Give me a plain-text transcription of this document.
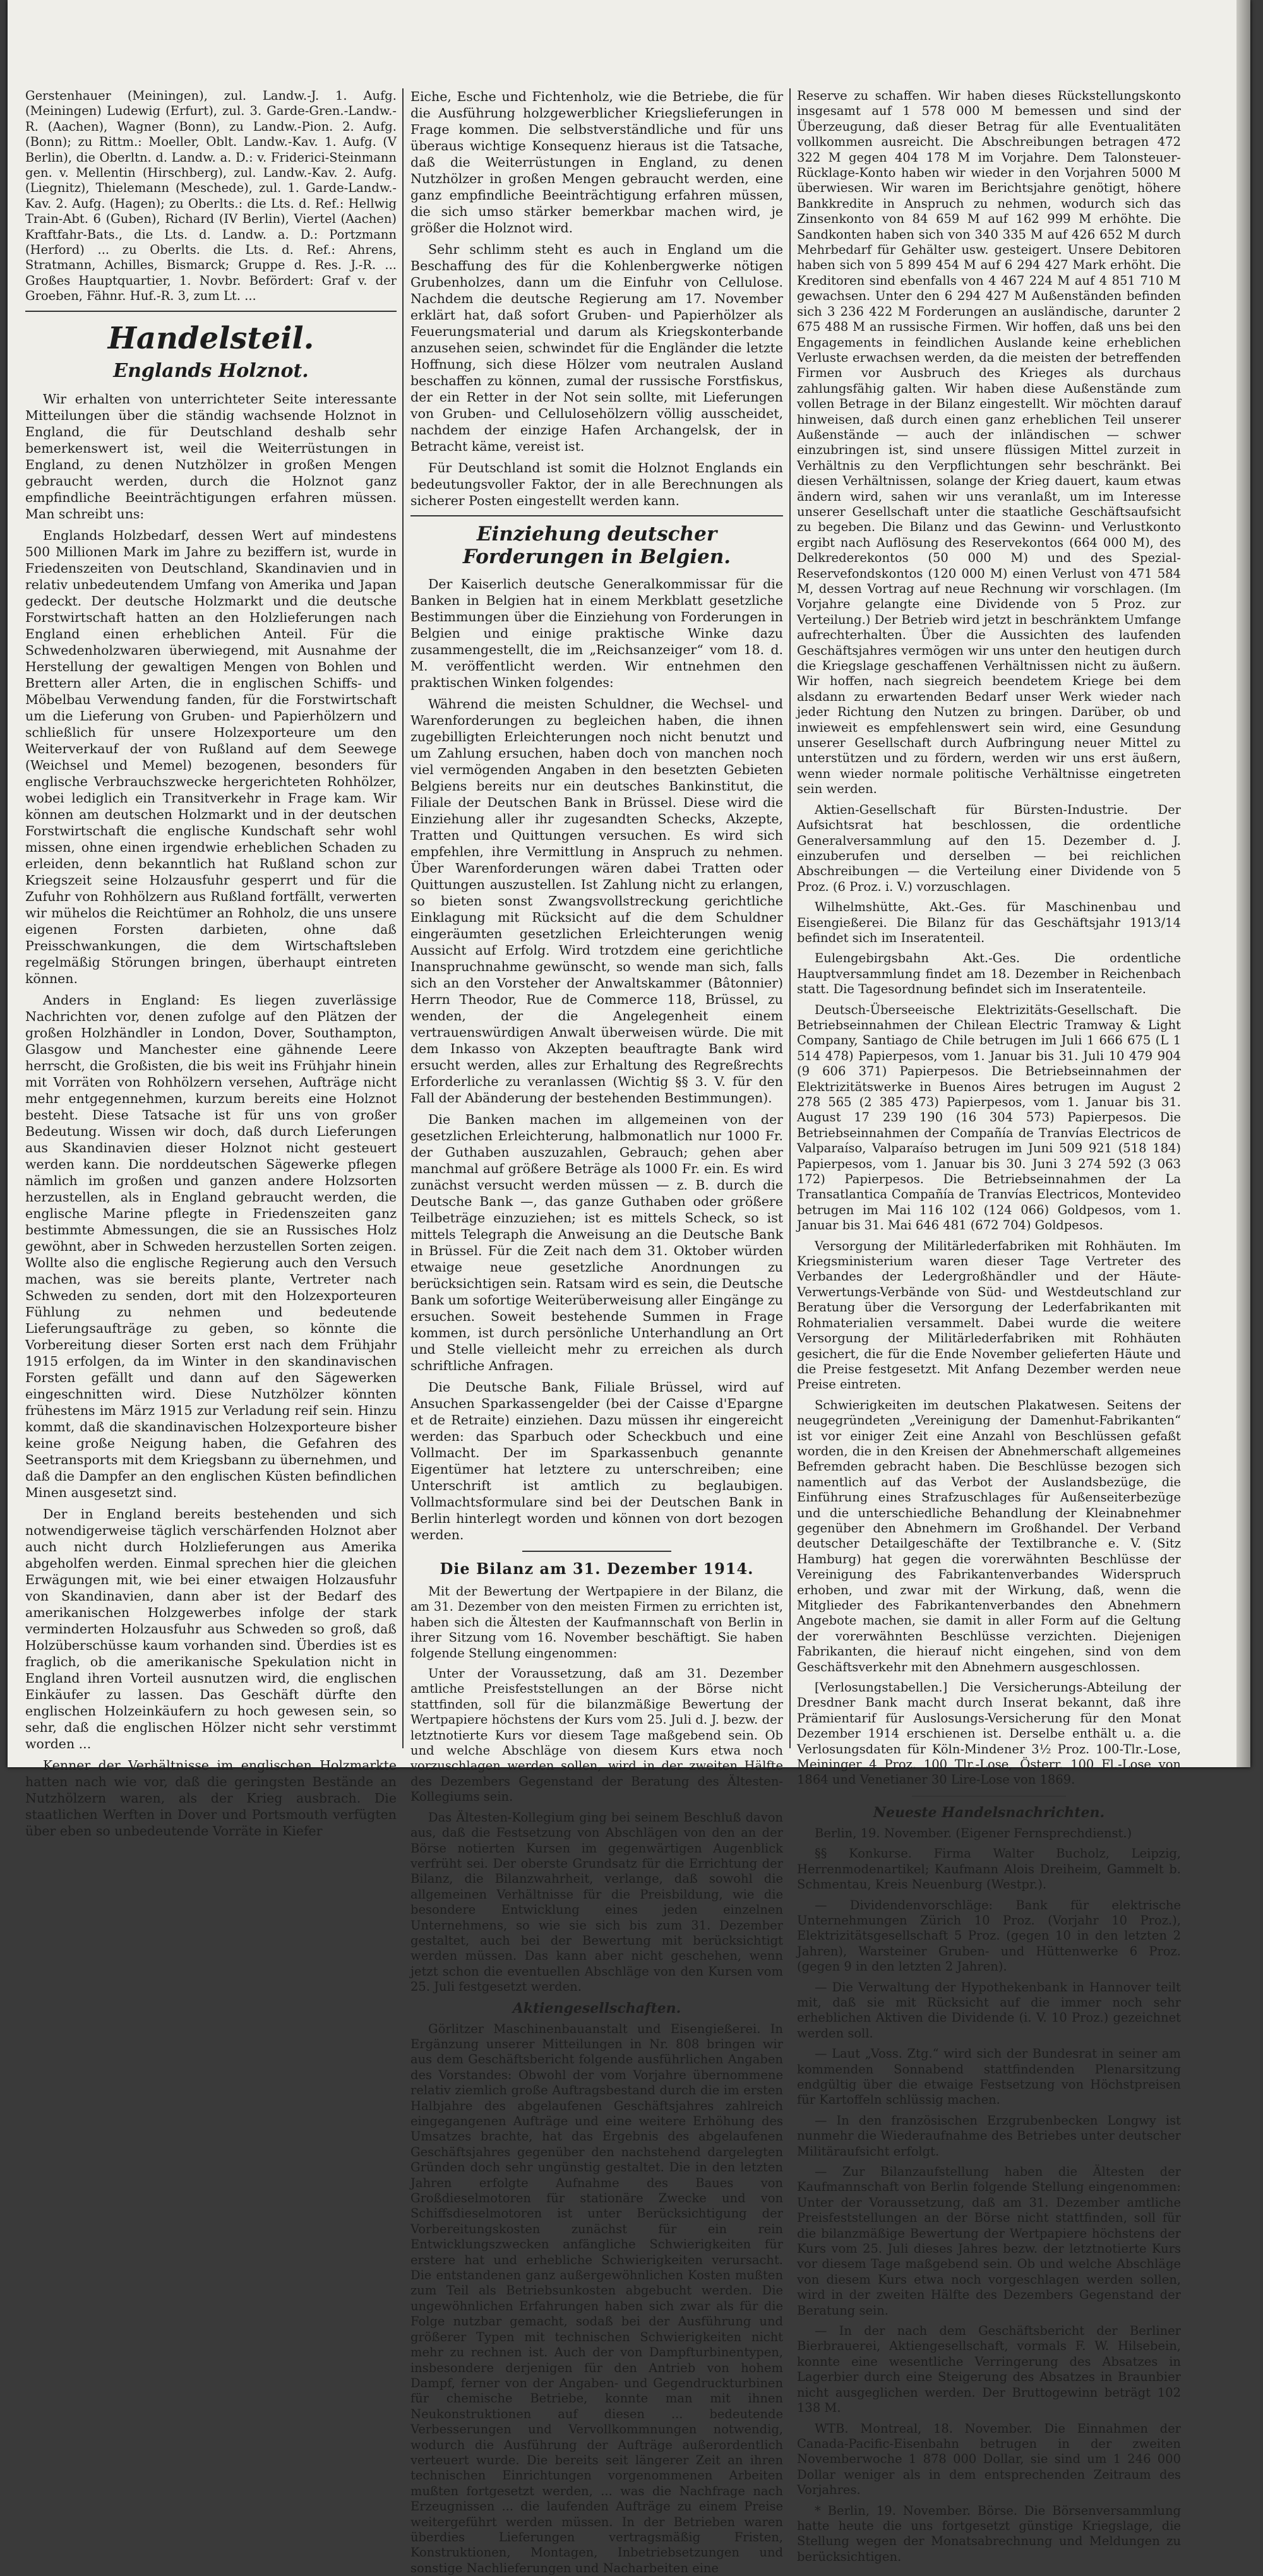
Gerstenhauer (Meiningen), zul. Landw.-J. 1. Aufg. (Meiningen) Ludewig (Erfurt), zul. 3. Garde-Gren.-Landw.-R. (Aachen), Wagner (Bonn), zu Landw.-Pion. 2. Aufg. (Bonn); zu Rittm.: Moeller, Oblt. Landw.-Kav. 1. Aufg. (V Berlin), die Oberltn. d. Landw. a. D.: v. Friderici-Steinmann gen. v. Mellentin (Hirschberg), zul. Landw.-Kav. 2. Aufg. (Liegnitz), Thielemann (Meschede), zul. 1. Garde-Landw.-Kav. 2. Aufg. (Hagen); zu Oberlts.: die Lts. d. Ref.: Hellwig Train-Abt. 6 (Guben), Richard (IV Berlin), Viertel (Aachen) Kraftfahr-Bats., die Lts. d. Landw. a. D.: Portzmann (Herford) ... zu Oberlts. die Lts. d. Ref.: Ahrens, Stratmann, Achilles, Bismarck; Gruppe d. Res. J.-R. ... Großes Hauptquartier, 1. Novbr. Befördert: Graf v. der Groeben, Fähnr. Huf.-R. 3, zum Lt. ...

Handelsteil.
Englands Holznot.

Wir erhalten von unterrichteter Seite interessante Mitteilungen über die ständig wachsende Holznot in England, die für Deutschland deshalb sehr bemerkenswert ist, weil die Weiterrüstungen in England, zu denen Nutzhölzer in großen Mengen gebraucht werden, durch die Holznot ganz empfindliche Beeinträchtigungen erfahren müssen. Man schreibt uns:

Englands Holzbedarf, dessen Wert auf mindestens 500 Millionen Mark im Jahre zu beziffern ist, wurde in Friedenszeiten von Deutschland, Skandinavien und in relativ unbedeutendem Umfang von Amerika und Japan gedeckt. Der deutsche Holzmarkt und die deutsche Forstwirtschaft hatten an den Holzlieferungen nach England einen erheblichen Anteil. Für die Schwedenholzwaren überwiegend, mit Ausnahme der Herstellung der gewaltigen Mengen von Bohlen und Brettern aller Arten, die in englischen Schiffs- und Möbelbau Verwendung fanden, für die Forstwirtschaft um die Lieferung von Gruben- und Papierhölzern und schließlich für unsere Holzexporteure um den Weiterverkauf der von Rußland auf dem Seewege (Weichsel und Memel) bezogenen, besonders für englische Verbrauchszwecke hergerichteten Rohhölzer, wobei lediglich ein Transitverkehr in Frage kam. Wir können am deutschen Holzmarkt und in der deutschen Forstwirtschaft die englische Kundschaft sehr wohl missen, ohne einen irgendwie erheblichen Schaden zu erleiden, denn bekanntlich hat Rußland schon zur Kriegszeit seine Holzausfuhr gesperrt und für die Zufuhr von Rohhölzern aus Rußland fortfällt, verwerten wir mühelos die Reichtümer an Rohholz, die uns unsere eigenen Forsten darbieten, ohne daß Preisschwankungen, die dem Wirtschaftsleben regelmäßig Störungen bringen, überhaupt eintreten können.

Anders in England: Es liegen zuverlässige Nachrichten vor, denen zufolge auf den Plätzen der großen Holzhändler in London, Dover, Southampton, Glasgow und Manchester eine gähnende Leere herrscht, die Großisten, die bis weit ins Frühjahr hinein mit Vorräten von Rohhölzern versehen, Aufträge nicht mehr entgegennehmen, kurzum bereits eine Holznot besteht. Diese Tatsache ist für uns von großer Bedeutung. Wissen wir doch, daß durch Lieferungen aus Skandinavien dieser Holznot nicht gesteuert werden kann. Die norddeutschen Sägewerke pflegen nämlich im großen und ganzen andere Holzsorten herzustellen, als in England gebraucht werden, die englische Marine pflegte in Friedenszeiten ganz bestimmte Abmessungen, die sie an Russisches Holz gewöhnt, aber in Schweden herzustellen Sorten zeigen. Wollte also die englische Regierung auch den Versuch machen, was sie bereits plante, Vertreter nach Schweden zu senden, dort mit den Holzexporteuren Fühlung zu nehmen und bedeutende Lieferungsaufträge zu geben, so könnte die Vorbereitung dieser Sorten erst nach dem Frühjahr 1915 erfolgen, da im Winter in den skandinavischen Forsten gefällt und dann auf den Sägewerken eingeschnitten wird. Diese Nutzhölzer könnten frühestens im März 1915 zur Verladung reif sein. Hinzu kommt, daß die skandinavischen Holzexporteure bisher keine große Neigung haben, die Gefahren des Seetransports mit dem Kriegsbann zu übernehmen, und daß die Dampfer an den englischen Küsten befindlichen Minen ausgesetzt sind.

Der in England bereits bestehenden und sich notwendigerweise täglich verschärfenden Holznot aber auch nicht durch Holzlieferungen aus Amerika abgeholfen werden. Einmal sprechen hier die gleichen Erwägungen mit, wie bei einer etwaigen Holzausfuhr von Skandinavien, dann aber ist der Bedarf des amerikanischen Holzgewerbes infolge der stark verminderten Holzausfuhr aus Schweden so groß, daß Holzüberschüsse kaum vorhanden sind. Überdies ist es fraglich, ob die amerikanische Spekulation nicht in England ihren Vorteil ausnutzen wird, die englischen Einkäufer zu lassen. Das Geschäft dürfte den englischen Holzeinkäufern zu hoch gewesen sein, so sehr, daß die englischen Hölzer nicht sehr verstimmt worden ...

Kenner der Verhältnisse im englischen Holzmarkte hatten nach wie vor, daß die geringsten Bestände an Nutzhölzern waren, als der Krieg ausbrach. Die staatlichen Werften in Dover und Portsmouth verfügten über eben so unbedeutende Vorräte in Kiefer

Eiche, Esche und Fichtenholz, wie die Betriebe, die für die Ausführung holzgewerblicher Kriegslieferungen in Frage kommen. Die selbstverständliche und für uns überaus wichtige Konsequenz hieraus ist die Tatsache, daß die Weiterrüstungen in England, zu denen Nutzhölzer in großen Mengen gebraucht werden, eine ganz empfindliche Beeinträchtigung erfahren müssen, die sich umso stärker bemerkbar machen wird, je größer die Holznot wird.

Sehr schlimm steht es auch in England um die Beschaffung des für die Kohlenbergwerke nötigen Grubenholzes, dann um die Einfuhr von Cellulose. Nachdem die deutsche Regierung am 17. November erklärt hat, daß sofort Gruben- und Papierhölzer als Feuerungsmaterial und darum als Kriegskonterbande anzusehen seien, schwindet für die Engländer die letzte Hoffnung, sich diese Hölzer vom neutralen Ausland beschaffen zu können, zumal der russische Forstfiskus, der ein Retter in der Not sein sollte, mit Lieferungen von Gruben- und Cellulosehölzern völlig ausscheidet, nachdem der einzige Hafen Archangelsk, der in Betracht käme, vereist ist.

Für Deutschland ist somit die Holznot Englands ein bedeutungsvoller Faktor, der in alle Berechnungen als sicherer Posten eingestellt werden kann.

Einziehung deutscher Forderungen in Belgien.

Der Kaiserlich deutsche Generalkommissar für die Banken in Belgien hat in einem Merkblatt gesetzliche Bestimmungen über die Einziehung von Forderungen in Belgien und einige praktische Winke dazu zusammengestellt, die im „Reichsanzeiger“ vom 18. d. M. veröffentlicht werden. Wir entnehmen den praktischen Winken folgendes:

Während die meisten Schuldner, die Wechsel- und Warenforderungen zu begleichen haben, die ihnen zugebilligten Erleichterungen noch nicht benutzt und um Zahlung ersuchen, haben doch von manchen noch viel vermögenden Angaben in den besetzten Gebieten Belgiens bereits nur ein deutsches Bankinstitut, die Filiale der Deutschen Bank in Brüssel. Diese wird die Einziehung aller ihr zugesandten Schecks, Akzepte, Tratten und Quittungen versuchen. Es wird sich empfehlen, ihre Vermittlung in Anspruch zu nehmen. Über Warenforderungen wären dabei Tratten oder Quittungen auszustellen. Ist Zahlung nicht zu erlangen, so bieten sonst Zwangsvollstreckung gerichtliche Einklagung mit Rücksicht auf die dem Schuldner eingeräumten gesetzlichen Erleichterungen wenig Aussicht auf Erfolg. Wird trotzdem eine gerichtliche Inanspruchnahme gewünscht, so wende man sich, falls sich an den Vorsteher der Anwaltskammer (Bâtonnier) Herrn Theodor, Rue de Commerce 118, Brüssel, zu wenden, der die Angelegenheit einem vertrauenswürdigen Anwalt überweisen würde. Die mit dem Inkasso von Akzepten beauftragte Bank wird ersucht werden, alles zur Erhaltung des Regreßrechts Erforderliche zu veranlassen (Wichtig §§ 3. V. für den Fall der Abänderung der bestehenden Bestimmungen).

Die Banken machen im allgemeinen von der gesetzlichen Erleichterung, halbmonatlich nur 1000 Fr. der Guthaben auszuzahlen, Gebrauch; gehen aber manchmal auf größere Beträge als 1000 Fr. ein. Es wird zunächst versucht werden müssen — z. B. durch die Deutsche Bank —, das ganze Guthaben oder größere Teilbeträge einzuziehen; ist es mittels Scheck, so ist mittels Telegraph die Anweisung an die Deutsche Bank in Brüssel. Für die Zeit nach dem 31. Oktober würden etwaige neue gesetzliche Anordnungen zu berücksichtigen sein. Ratsam wird es sein, die Deutsche Bank um sofortige Weiterüberweisung aller Eingänge zu ersuchen. Soweit bestehende Summen in Frage kommen, ist durch persönliche Unterhandlung an Ort und Stelle vielleicht mehr zu erreichen als durch schriftliche Anfragen.

Die Deutsche Bank, Filiale Brüssel, wird auf Ansuchen Sparkassengelder (bei der Caisse d'Epargne et de Retraite) einziehen. Dazu müssen ihr eingereicht werden: das Sparbuch oder Scheckbuch und eine Vollmacht. Der im Sparkassenbuch genannte Eigentümer hat letztere zu unterschreiben; eine Unterschrift ist amtlich zu beglaubigen. Vollmachtsformulare sind bei der Deutschen Bank in Berlin hinterlegt worden und können von dort bezogen werden.

Die Bilanz am 31. Dezember 1914.

Mit der Bewertung der Wertpapiere in der Bilanz, die am 31. Dezember von den meisten Firmen zu errichten ist, haben sich die Ältesten der Kaufmannschaft von Berlin in ihrer Sitzung vom 16. November beschäftigt. Sie haben folgende Stellung eingenommen:

Unter der Voraussetzung, daß am 31. Dezember amtliche Preisfeststellungen an der Börse nicht stattfinden, soll für die bilanzmäßige Bewertung der Wertpapiere höchstens der Kurs vom 25. Juli d. J. bezw. der letztnotierte Kurs vor diesem Tage maßgebend sein. Ob und welche Abschläge von diesem Kurs etwa noch vorzuschlagen werden sollen, wird in der zweiten Hälfte des Dezembers Gegenstand der Beratung des Ältesten-Kollegiums sein.

Das Ältesten-Kollegium ging bei seinem Beschluß davon aus, daß die Festsetzung von Abschlägen von den an der Börse notierten Kursen im gegenwärtigen Augenblick verfrüht sei. Der oberste Grundsatz für die Errichtung der Bilanz, die Bilanzwahrheit, verlange, daß sowohl die allgemeinen Verhältnisse für die Preisbildung, wie die besondere Entwicklung eines jeden einzelnen Unternehmens, so wie sie sich bis zum 31. Dezember gestaltet, auch bei der Bewertung mit berücksichtigt werden müssen. Das kann aber nicht geschehen, wenn jetzt schon die eventuellen Abschläge von den Kursen vom 25. Juli festgesetzt werden.

Aktiengesellschaften.

Görlitzer Maschinenbauanstalt und Eisengießerei. In Ergänzung unserer Mitteilungen in Nr. 808 bringen wir aus dem Geschäftsbericht folgende ausführlichen Angaben des Vorstandes: Obwohl der vom Vorjahre übernommene relativ ziemlich große Auftragsbestand durch die im ersten Halbjahre des abgelaufenen Geschäftsjahres zahlreich eingegangenen Aufträge und eine weitere Erhöhung des Umsatzes brachte, hat das Ergebnis des abgelaufenen Geschäftsjahres gegenüber den nachstehend dargelegten Gründen doch sehr ungünstig gestaltet. Die in den letzten Jahren erfolgte Aufnahme des Baues von Großdieselmotoren für stationäre Zwecke und von Schiffsdieselmotoren ist unter Berücksichtigung der Vorbereitungskosten zunächst für ein rein Entwicklungszwecken anfängliche Schwierigkeiten für erstere hat und erhebliche Schwierigkeiten verursacht. Die entstandenen ganz außergewöhnlichen Kosten mußten zum Teil als Betriebsunkosten abgebucht werden. Die ungewöhnlichen Erfahrungen haben sich zwar als für die Folge nutzbar gemacht, sodaß bei der Ausführung und größerer Typen mit technischen Schwierigkeiten nicht mehr zu rechnen ist. Auch der von Dampfturbinentypen, insbesondere derjenigen für den Antrieb von hohem Dampf, ferner von der Angaben- und Gegendruckturbinen für chemische Betriebe, konnte man mit ihnen Neukonstruktionen auf diesen ... bedeutende Verbesserungen und Vervollkommnungen notwendig, wodurch die Ausführung der Aufträge außerordentlich verteuert wurde. Die bereits seit längerer Zeit an ihren technischen Einrichtungen vorgenommenen Arbeiten mußten fortgesetzt werden, ... was die Nachfrage nach Erzeugnissen ... die laufenden Aufträge zu einem Preise weitergeführt werden müssen. In der Betrieben waren überdies Lieferungen vertragsmäßig Fristen, Konstruktionen, Montagen, Inbetriebsetzungen und sonstige Nachlieferungen und Nacharbeiten eine

Reserve zu schaffen. Wir haben dieses Rückstellungskonto insgesamt auf 1 578 000 M bemessen und sind der Überzeugung, daß dieser Betrag für alle Eventualitäten vollkommen ausreicht. Die Abschreibungen betragen 472 322 M gegen 404 178 M im Vorjahre. Dem Talonsteuer-Rücklage-Konto haben wir wieder in den Vorjahren 5000 M überwiesen. Wir waren im Berichtsjahre genötigt, höhere Bankkredite in Anspruch zu nehmen, wodurch sich das Zinsenkonto von 84 659 M auf 162 999 M erhöhte. Die Sandkonten haben sich von 340 335 M auf 426 652 M durch Mehrbedarf für Gehälter usw. gesteigert. Unsere Debitoren haben sich von 5 899 454 M auf 6 294 427 Mark erhöht. Die Kreditoren sind ebenfalls von 4 467 224 M auf 4 851 710 M gewachsen. Unter den 6 294 427 M Außenständen befinden sich 3 236 422 M Forderungen an ausländische, darunter 2 675 488 M an russische Firmen. Wir hoffen, daß uns bei den Engagements in feindlichen Auslande keine erheblichen Verluste erwachsen werden, da die meisten der betreffenden Firmen vor Ausbruch des Krieges als durchaus zahlungsfähig galten. Wir haben diese Außenstände zum vollen Betrage in der Bilanz eingestellt. Wir möchten darauf hinweisen, daß durch einen ganz erheblichen Teil unserer Außenstände — auch der inländischen — schwer einzubringen ist, sind unsere flüssigen Mittel zurzeit in Verhältnis zu den Verpflichtungen sehr beschränkt. Bei diesen Verhältnissen, solange der Krieg dauert, kaum etwas ändern wird, sahen wir uns veranlaßt, um im Interesse unserer Gesellschaft unter die staatliche Geschäftsaufsicht zu begeben. Die Bilanz und das Gewinn- und Verlustkonto ergibt nach Auflösung des Reservekontos (664 000 M), des Delkrederekontos (50 000 M) und des Spezial-Reservefondskontos (120 000 M) einen Verlust von 471 584 M, dessen Vortrag auf neue Rechnung wir vorschlagen. (Im Vorjahre gelangte eine Dividende von 5 Proz. zur Verteilung.) Der Betrieb wird jetzt in beschränktem Umfange aufrechterhalten. Über die Aussichten des laufenden Geschäftsjahres vermögen wir uns unter den heutigen durch die Kriegslage geschaffenen Verhältnissen nicht zu äußern. Wir hoffen, nach siegreich beendetem Kriege bei dem alsdann zu erwartenden Bedarf unser Werk wieder nach jeder Richtung den Nutzen zu bringen. Darüber, ob und inwieweit es empfehlenswert sein wird, eine Gesundung unserer Gesellschaft durch Aufbringung neuer Mittel zu unterstützen und zu fördern, werden wir uns erst äußern, wenn wieder normale politische Verhältnisse eingetreten sein werden.

Aktien-Gesellschaft für Bürsten-Industrie. Der Aufsichtsrat hat beschlossen, die ordentliche Generalversammlung auf den 15. Dezember d. J. einzuberufen und derselben — bei reichlichen Abschreibungen — die Verteilung einer Dividende von 5 Proz. (6 Proz. i. V.) vorzuschlagen.

Wilhelmshütte, Akt.-Ges. für Maschinenbau und Eisengießerei. Die Bilanz für das Geschäftsjahr 1913/14 befindet sich im Inseratenteil.

Eulengebirgsbahn Akt.-Ges. Die ordentliche Hauptversammlung findet am 18. Dezember in Reichenbach statt. Die Tagesordnung befindet sich im Inseratenteile.

Deutsch-Überseeische Elektrizitäts-Gesellschaft. Die Betriebseinnahmen der Chilean Electric Tramway & Light Company, Santiago de Chile betrugen im Juli 1 666 675 (L 1 514 478) Papierpesos, vom 1. Januar bis 31. Juli 10 479 904 (9 606 371) Papierpesos. Die Betriebseinnahmen der Elektrizitätswerke in Buenos Aires betrugen im August 2 278 565 (2 385 473) Papierpesos, vom 1. Januar bis 31. August 17 239 190 (16 304 573) Papierpesos. Die Betriebseinnahmen der Compañía de Tranvías Electricos de Valparaíso, Valparaíso betrugen im Juni 509 921 (518 184) Papierpesos, vom 1. Januar bis 30. Juni 3 274 592 (3 063 172) Papierpesos. Die Betriebseinnahmen der La Transatlantica Compañía de Tranvías Electricos, Montevideo betrugen im Mai 116 102 (124 066) Goldpesos, vom 1. Januar bis 31. Mai 646 481 (672 704) Goldpesos.

Versorgung der Militärlederfabriken mit Rohhäuten. Im Kriegsministerium waren dieser Tage Vertreter des Verbandes der Ledergroßhändler und der Häute-Verwertungs-Verbände von Süd- und Westdeutschland zur Beratung über die Versorgung der Lederfabrikanten mit Rohmaterialien versammelt. Dabei wurde die weitere Versorgung der Militärlederfabriken mit Rohhäuten gesichert, die für die Ende November gelieferten Häute und die Preise festgesetzt. Mit Anfang Dezember werden neue Preise eintreten.

Schwierigkeiten im deutschen Plakatwesen. Seitens der neugegründeten „Vereinigung der Damenhut-Fabrikanten“ ist vor einiger Zeit eine Anzahl von Beschlüssen gefaßt worden, die in den Kreisen der Abnehmerschaft allgemeines Befremden gebracht haben. Die Beschlüsse bezogen sich namentlich auf das Verbot der Auslandsbezüge, die Einführung eines Strafzuschlages für Außenseiterbezüge und die unterschiedliche Behandlung der Kleinabnehmer gegenüber den Abnehmern im Großhandel. Der Verband deutscher Detailgeschäfte der Textilbranche e. V. (Sitz Hamburg) hat gegen die vorerwähnten Beschlüsse der Vereinigung des Fabrikantenverbandes Widerspruch erhoben, und zwar mit der Wirkung, daß, wenn die Mitglieder des Fabrikantenverbandes den Abnehmern Angebote machen, sie damit in aller Form auf die Geltung der vorerwähnten Beschlüsse verzichten. Diejenigen Fabrikanten, die hierauf nicht eingehen, sind von dem Geschäftsverkehr mit den Abnehmern ausgeschlossen.

[Verlosungstabellen.] Die Versicherungs-Abteilung der Dresdner Bank macht durch Inserat bekannt, daß ihre Prämientarif für Auslosungs-Versicherung für den Monat Dezember 1914 erschienen ist. Derselbe enthält u. a. die Verlosungsdaten für Köln-Mindener 3½ Proz. 100-Tlr.-Lose, Meininger 4 Proz. 100 Tlr.-Lose, Österr. 100 Fl.-Lose von 1864 und Venetianer 30 Lire-Lose von 1869.

Neueste Handelsnachrichten.

Berlin, 19. November. (Eigener Fernsprechdienst.)

§§ Konkurse. Firma Walter Bucholz, Leipzig, Herrenmodenartikel; Kaufmann Alois Dreiheim, Gammelt b. Schmentau, Kreis Neuenburg (Westpr.).

— Dividendenvorschläge: Bank für elektrische Unternehmungen Zürich 10 Proz. (Vorjahr 10 Proz.), Elektrizitätsgesellschaft 5 Proz. (gegen 10 in den letzten 2 Jahren), Warsteiner Gruben- und Hüttenwerke 6 Proz. (gegen 9 in den letzten 2 Jahren).

— Die Verwaltung der Hypothekenbank in Hannover teilt mit, daß sie mit Rücksicht auf die immer noch sehr erheblichen Aktiven die Dividende (i. V. 10 Proz.) gezeichnet werden soll.

— Laut „Voss. Ztg.“ wird sich der Bundesrat in seiner am kommenden Sonnabend stattfindenden Plenarsitzung endgültig über die etwaige Festsetzung von Höchstpreisen für Kartoffeln schlüssig machen.

— In den französischen Erzgrubenbecken Longwy ist nunmehr die Wiederaufnahme des Betriebes unter deutscher Militäraufsicht erfolgt.

— Zur Bilanzaufstellung haben die Ältesten der Kaufmannschaft von Berlin folgende Stellung eingenommen: Unter der Voraussetzung, daß am 31. Dezember amtliche Preisfeststellungen an der Börse nicht stattfinden, soll für die bilanzmäßige Bewertung der Wertpapiere höchstens der Kurs vom 25. Juli dieses Jahres bezw. der letztnotierte Kurs vor diesem Tage maßgebend sein. Ob und welche Abschläge von diesem Kurs etwa noch vorgeschlagen werden sollen, wird in der zweiten Hälfte des Dezembers Gegenstand der Beratung sein.

— In der nach dem Geschäftsbericht der Berliner Bierbrauerei, Aktiengesellschaft, vormals F. W. Hilsebein, konnte eine wesentliche Verringerung des Absatzes in Lagerbier durch eine Steigerung des Absatzes in Braunbier nicht ausgeglichen werden. Der Bruttogewinn beträgt 102 138 M.

WTB. Montreal, 18. November. Die Einnahmen der Canada-Pacific-Eisenbahn betrugen in der zweiten Novemberwoche 1 878 000 Dollar, sie sind um 1 246 000 Dollar weniger als in dem entsprechenden Zeitraum des Vorjahres.

* Berlin, 19. November. Börse. Die Börsenversammlung hatte heute die uns fortgesetzt günstige Kriegslage, die Stellung wegen der Monatsabrechnung und Meldungen zu berücksichtigen.
